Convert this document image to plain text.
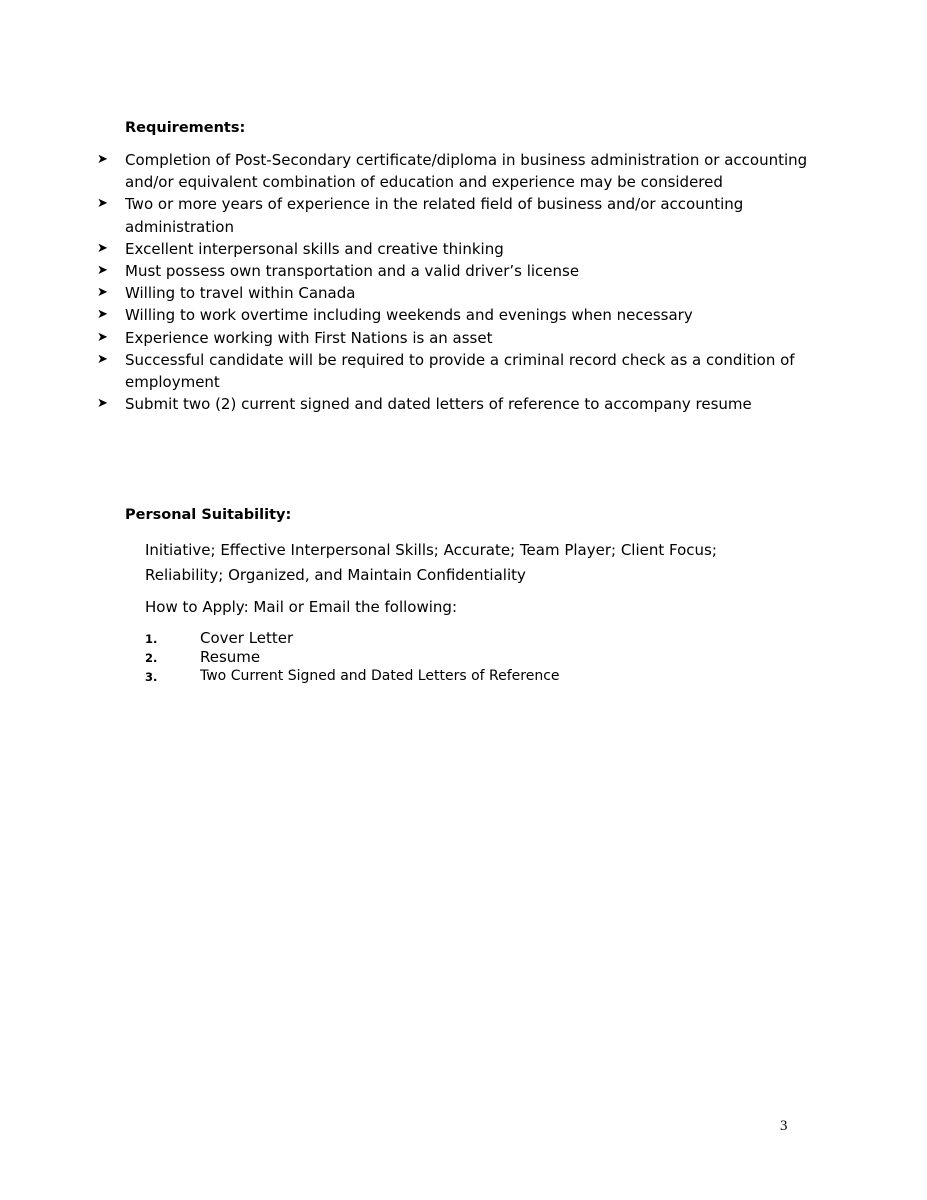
Requirements:
➤ Completion of Post-Secondary certificate/diploma in business administration or accounting and/or equivalent combination of education and experience may be considered
➤ Two or more years of experience in the related field of business and/or accounting administration
➤ Excellent interpersonal skills and creative thinking
➤ Must possess own transportation and a valid driver’s license
➤ Willing to travel within Canada
➤ Willing to work overtime including weekends and evenings when necessary
➤ Experience working with First Nations is an asset
➤ Successful candidate will be required to provide a criminal record check as a condition of employment
➤ Submit two (2) current signed and dated letters of reference to accompany resume
Personal Suitability:

Initiative; Effective Interpersonal Skills; Accurate; Team Player; Client Focus;

Reliability; Organized, and Maintain Confidentiality

How to Apply: Mail or Email the following:

1.	Cover Letter
2.	Resume
3.	Two Current Signed and Dated Letters of Reference
3
